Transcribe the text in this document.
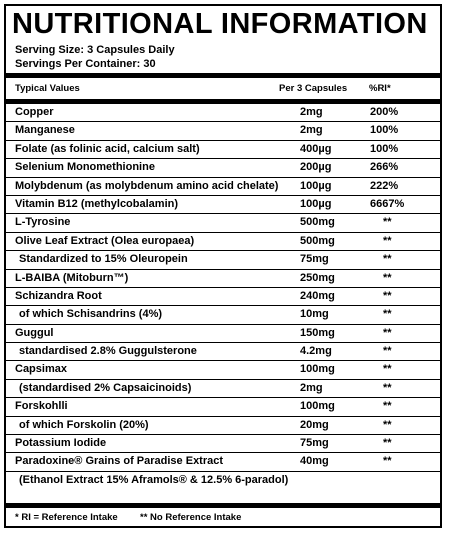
NUTRITIONAL INFORMATION
Serving Size: 3 Capsules Daily
Servings Per Container: 30
Typical Values	Per 3 Capsules %RI*
Copper	2mg	200%
Manganese	2mg	100%
Folate (as folinic acid, calcium salt)	400µg	100%
Selenium Monomethionine	200µg	266%
Molybdenum (as molybdenum amino acid chelate) 100µg	222%
Vitamin B12 (methylcobalamin)	100µg	6667%
L-Tyrosine	500mg	**
Olive Leaf Extract (Olea europaea)	500mg	**
Standardized to 15% Oleuropein	75mg	**
L-BAIBA (Mitoburn™)	250mg	**
Schizandra Root	240mg	**
of which Schisandrins (4%)	10mg	**
Guggul	150mg	**
standardised 2.8% Guggulsterone	4.2mg	**
Capsimax	100mg	**
(standardised 2% Capsaicinoids)	2mg	**
Forskohlli	100mg	**
of which Forskolin (20%)	20mg	**
Potassium Iodide	75mg	**
Paradoxine® Grains of Paradise Extract	40mg	**
(Ethanol Extract 15% Aframols® & 12.5% 6-paradol)
* RI = Reference Intake ** No Reference Intake
